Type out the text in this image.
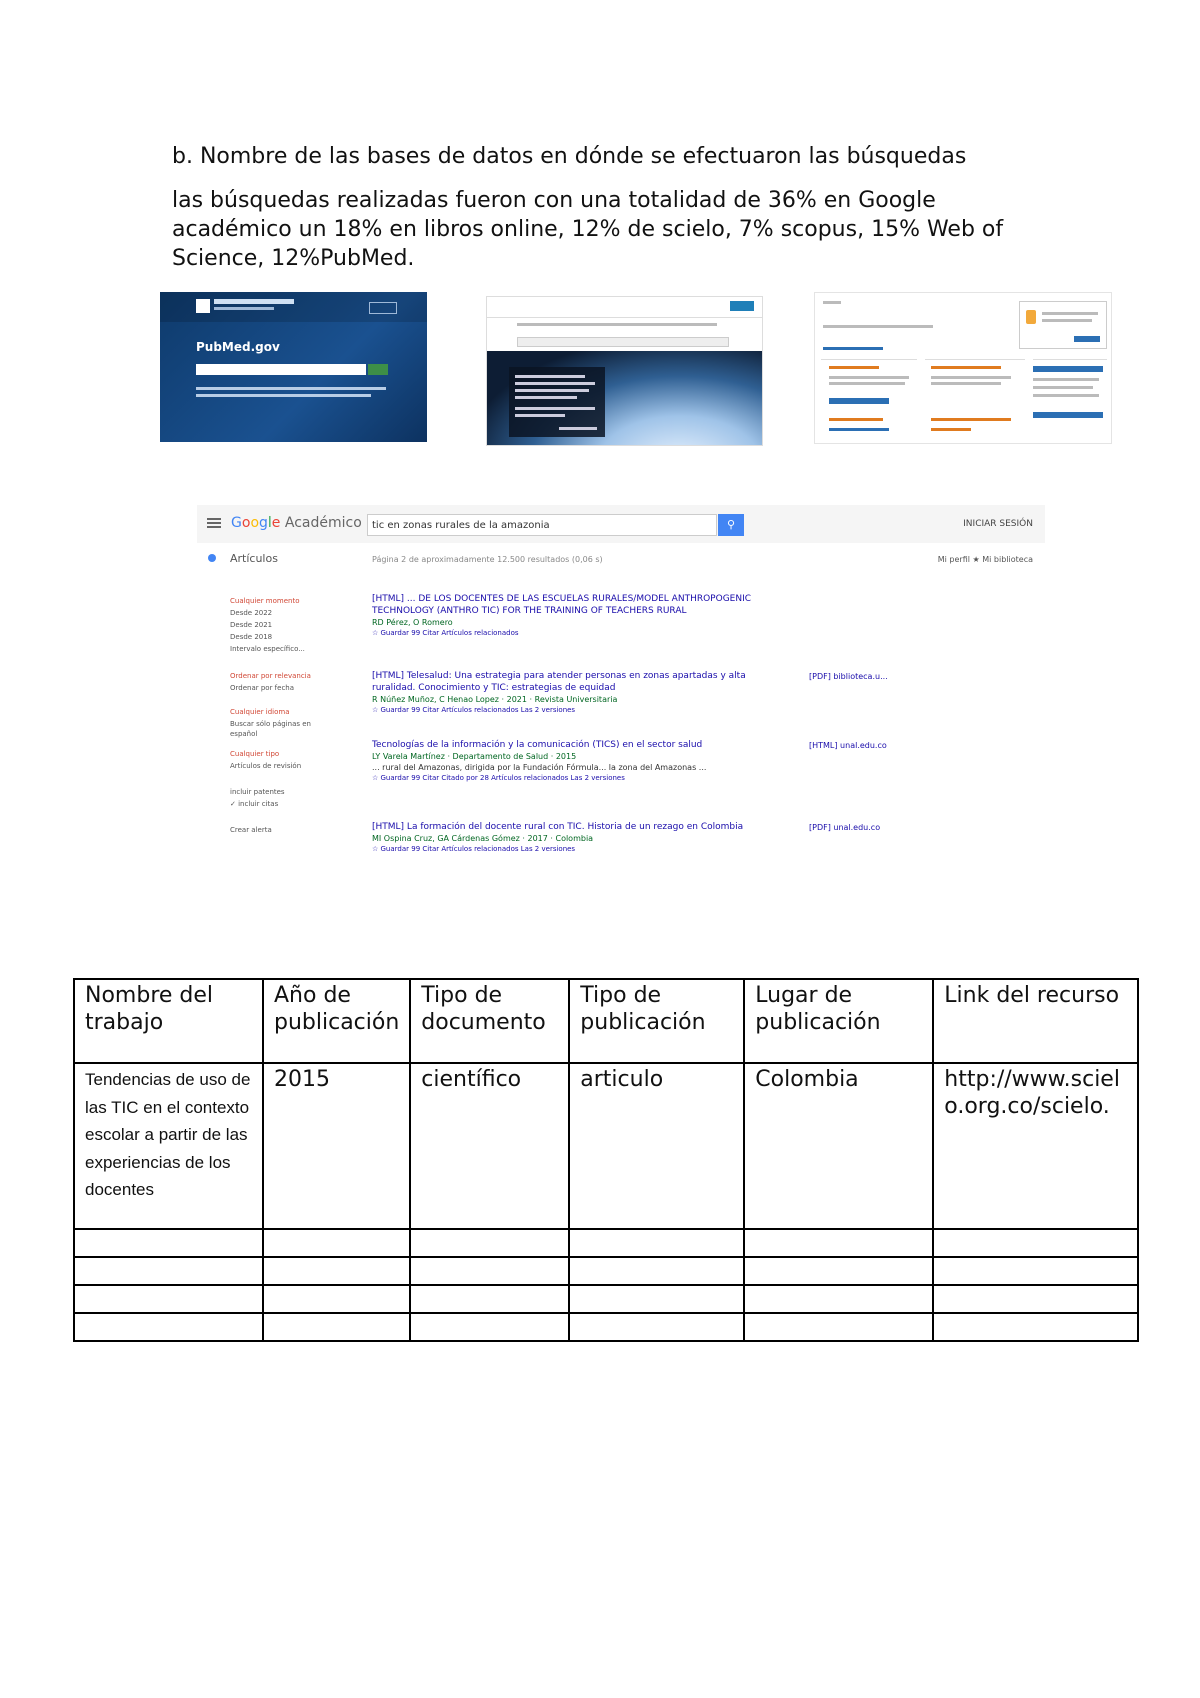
b. Nombre de las bases de datos en dónde se efectuaron las búsquedas
las búsquedas realizadas fueron con una totalidad de 36% en Google académico un 18% en libros online, 12% de scielo, 7% scopus, 15% Web of Science, 12%PubMed.
PubMed.gov
Google Académico	tic en zonas rurales de la amazonia	⚲	INICIAR SESIÓN
Artículos	Página 2 de aproximadamente 12.500 resultados (0,06 s)	Mi perfil ★ Mi biblioteca
Cualquier momento
Desde 2022
Desde 2021
Desde 2018
Intervalo específico...
Ordenar por relevancia
Ordenar por fecha
Cualquier idioma
Buscar sólo páginas en
español
Cualquier tipo
Artículos de revisión
incluir patentes
✓ incluir citas
Crear alerta
[HTML] ... DE LOS DOCENTES DE LAS ESCUELAS RURALES/MODEL ANTHROPOGENIC TECHNOLOGY (ANTHRO TIC) FOR THE TRAINING OF TEACHERS RURAL
RD Pérez, O Romero
☆ Guardar 99 Citar Artículos relacionados
[HTML] Telesalud: Una estrategia para atender personas en zonas apartadas y alta ruralidad. Conocimiento y TIC: estrategias de equidad
R Núñez Muñoz, C Henao Lopez · 2021 · Revista Universitaria
☆ Guardar 99 Citar Artículos relacionados Las 2 versiones
[PDF] biblioteca.u...
Tecnologías de la información y la comunicación (TICS) en el sector salud
LY Varela Martínez · Departamento de Salud · 2015
... rural del Amazonas, dirigida por la Fundación Fórmula... la zona del Amazonas ...
☆ Guardar 99 Citar Citado por 28 Artículos relacionados Las 2 versiones
[HTML] unal.edu.co
[HTML] La formación del docente rural con TIC. Historia de un rezago en Colombia
MI Ospina Cruz, GA Cárdenas Gómez · 2017 · Colombia
☆ Guardar 99 Citar Artículos relacionados Las 2 versiones
[PDF] unal.edu.co
Nombre del trabajo	Año de publicación	Tipo de documento	Tipo de publicación	Lugar de publicación	Link del recurso
Tendencias de uso de las TIC en el contexto escolar a partir de las experiencias de los docentes	2015	científico	articulo	Colombia	http://www.scielo.org.co/scielo.
